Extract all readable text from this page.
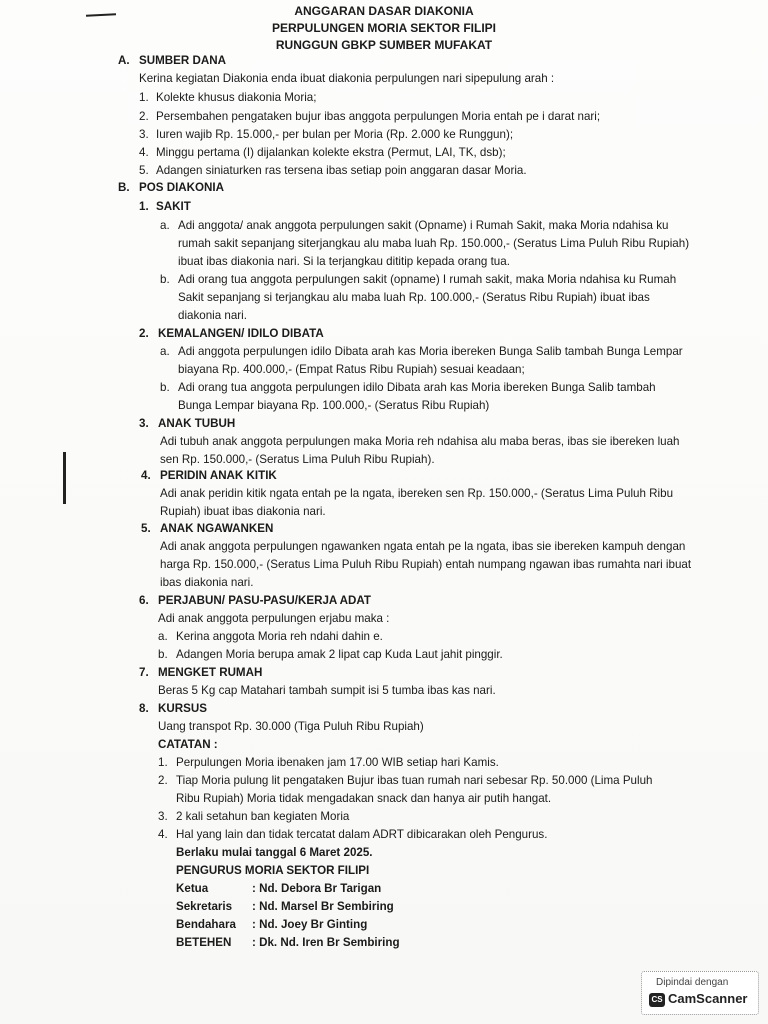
ANGGARAN DASAR DIAKONIA
PERPULUNGEN MORIA SEKTOR FILIPI
RUNGGUN GBKP SUMBER MUFAKAT
A. SUMBER DANA
Kerina kegiatan Diakonia enda ibuat diakonia perpulungen nari sipepulung arah :
1. Kolekte khusus diakonia Moria;
2. Persembahen pengataken bujur ibas anggota perpulungen Moria entah pe i darat nari;
3. Iuren wajib Rp. 15.000,- per bulan per Moria (Rp. 2.000 ke Runggun);
4. Minggu pertama (I) dijalankan kolekte ekstra (Permut, LAI, TK, dsb);
5. Adangen siniaturken ras tersena ibas setiap poin anggaran dasar Moria.
B. POS DIAKONIA
1. SAKIT
a. Adi anggota/ anak anggota perpulungen sakit (Opname) i Rumah Sakit, maka Moria ndahisa ku
rumah sakit sepanjang siterjangkau alu maba luah Rp. 150.000,- (Seratus Lima Puluh Ribu Rupiah)
ibuat ibas diakonia nari. Si la terjangkau dititip kepada orang tua.
b. Adi orang tua anggota perpulungen sakit (opname) I rumah sakit, maka Moria ndahisa ku Rumah
Sakit sepanjang si terjangkau alu maba luah Rp. 100.000,- (Seratus Ribu Rupiah) ibuat ibas
diakonia nari.
2. KEMALANGEN/ IDILO DIBATA
a. Adi anggota perpulungen idilo Dibata arah kas Moria ibereken Bunga Salib tambah Bunga Lempar
biayana Rp. 400.000,- (Empat Ratus Ribu Rupiah) sesuai keadaan;
b. Adi orang tua anggota perpulungen idilo Dibata arah kas Moria ibereken Bunga Salib tambah
Bunga Lempar biayana Rp. 100.000,- (Seratus Ribu Rupiah)
3. ANAK TUBUH
Adi tubuh anak anggota perpulungen maka Moria reh ndahisa alu maba beras, ibas sie ibereken luah
sen Rp. 150.000,- (Seratus Lima Puluh Ribu Rupiah).
4. PERIDIN ANAK KITIK
Adi anak peridin kitik ngata entah pe la ngata, ibereken sen Rp. 150.000,- (Seratus Lima Puluh Ribu
Rupiah) ibuat ibas diakonia nari.
5. ANAK NGAWANKEN
Adi anak anggota perpulungen ngawanken ngata entah pe la ngata, ibas sie ibereken kampuh dengan
harga Rp. 150.000,- (Seratus Lima Puluh Ribu Rupiah) entah numpang ngawan ibas rumahta nari ibuat
ibas diakonia nari.
6. PERJABUN/ PASU-PASU/KERJA ADAT
Adi anak anggota perpulungen erjabu maka :
a. Kerina anggota Moria reh ndahi dahin e.
b. Adangen Moria berupa amak 2 lipat cap Kuda Laut jahit pinggir.
7. MENGKET RUMAH
Beras 5 Kg cap Matahari tambah sumpit isi 5 tumba ibas kas nari.
8. KURSUS
Uang transpot Rp. 30.000 (Tiga Puluh Ribu Rupiah)
CATATAN :
1. Perpulungen Moria ibenaken jam 17.00 WIB setiap hari Kamis.
2. Tiap Moria pulung lit pengataken Bujur ibas tuan rumah nari sebesar Rp. 50.000 (Lima Puluh
Ribu Rupiah) Moria tidak mengadakan snack dan hanya air putih hangat.
3. 2 kali setahun ban kegiaten Moria
4. Hal yang lain dan tidak tercatat dalam ADRT dibicarakan oleh Pengurus.
Berlaku mulai tanggal 6 Maret 2025.
PENGURUS MORIA SEKTOR FILIPI
Ketua	: Nd. Debora Br Tarigan
Sekretaris : Nd. Marsel Br Sembiring
Bendahara : Nd. Joey Br Ginting
BETEHEN : Dk. Nd. Iren Br Sembiring
Dipindai dengan
CS CamScanner
